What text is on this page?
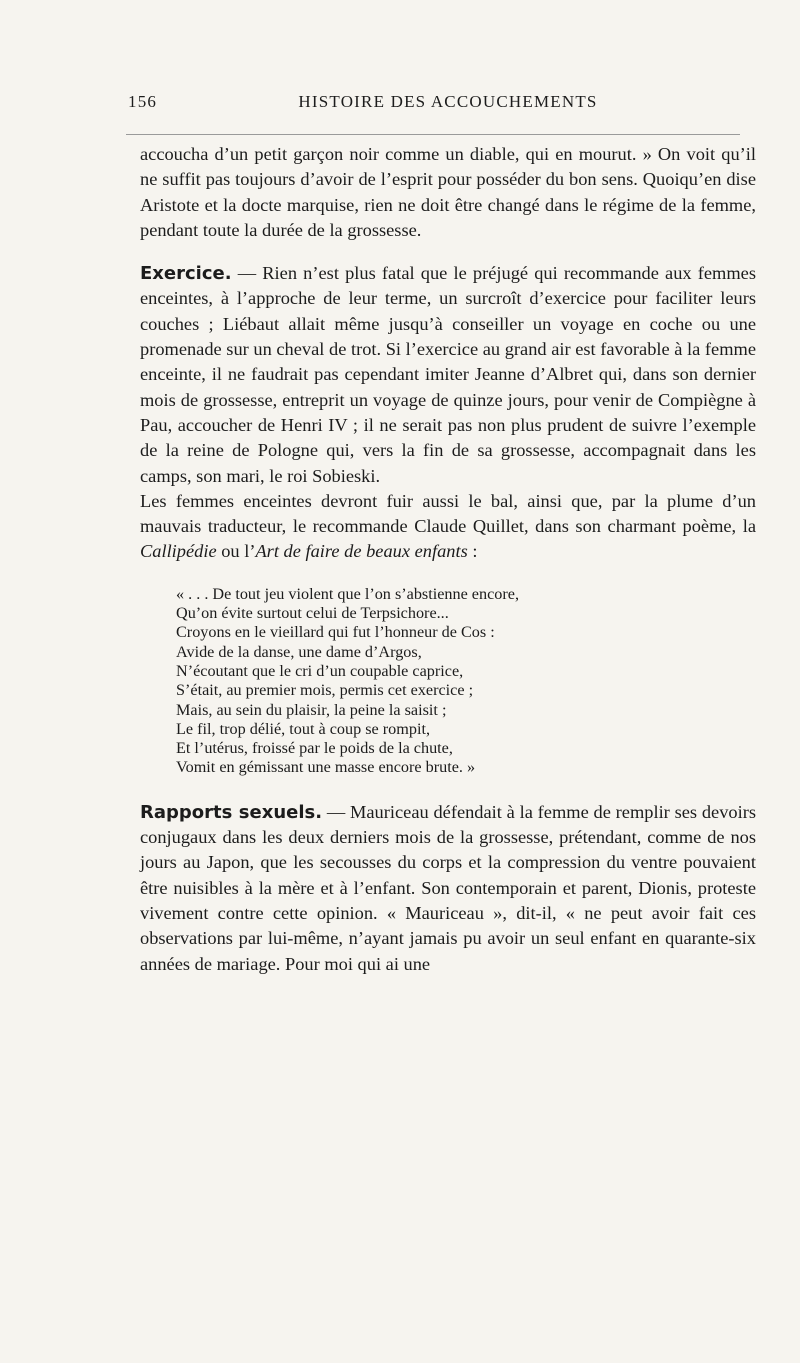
156	HISTOIRE DES ACCOUCHEMENTS

accoucha d’un petit garçon noir comme un diable, qui en mourut. » On voit qu’il ne suffit pas toujours d’avoir de l’esprit pour posséder du bon sens. Quoiqu’en dise Aristote et la docte marquise, rien ne doit être changé dans le régime de la femme, pendant toute la durée de la grossesse.

Exercice. — Rien n’est plus fatal que le préjugé qui recommande aux femmes enceintes, à l’approche de leur terme, un surcroît d’exercice pour faciliter leurs couches ; Liébaut allait même jusqu’à conseiller un voyage en coche ou une promenade sur un cheval de trot. Si l’exercice au grand air est favorable à la femme enceinte, il ne faudrait pas cependant imiter Jeanne d’Albret qui, dans son dernier mois de grossesse, entreprit un voyage de quinze jours, pour venir de Compiègne à Pau, accoucher de Henri IV ; il ne serait pas non plus prudent de suivre l’exemple de la reine de Pologne qui, vers la fin de sa grossesse, accompagnait dans les camps, son mari, le roi Sobieski.

Les femmes enceintes devront fuir aussi le bal, ainsi que, par la plume d’un mauvais traducteur, le recommande Claude Quillet, dans son charmant poème, la Callipédie ou l’Art de faire de beaux enfants :

« . . . De tout jeu violent que l’on s’abstienne encore,
Qu’on évite surtout celui de Terpsichore...
Croyons en le vieillard qui fut l’honneur de Cos :
Avide de la danse, une dame d’Argos,
N’écoutant que le cri d’un coupable caprice,
S’était, au premier mois, permis cet exercice ;
Mais, au sein du plaisir, la peine la saisit ;
Le fil, trop délié, tout à coup se rompit,
Et l’utérus, froissé par le poids de la chute,
Vomit en gémissant une masse encore brute. »

Rapports sexuels. — Mauriceau défendait à la femme de remplir ses devoirs conjugaux dans les deux derniers mois de la grossesse, prétendant, comme de nos jours au Japon, que les secousses du corps et la compression du ventre pouvaient être nuisibles à la mère et à l’enfant. Son contemporain et parent, Dionis, proteste vivement contre cette opinion. « Mauriceau », dit-il, « ne peut avoir fait ces observations par lui-même, n’ayant jamais pu avoir un seul enfant en quarante-six années de mariage. Pour moi qui ai une
